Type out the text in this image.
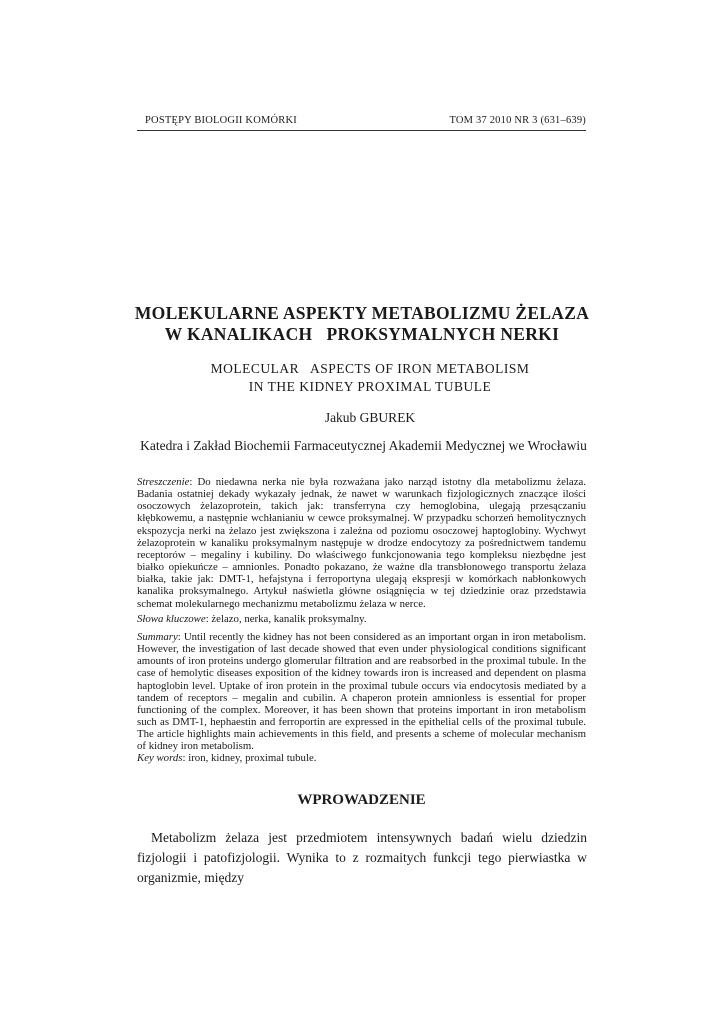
POSTĘPY BIOLOGII KOMÓRKI	TOM 37 2010 NR 3 (631–639)
MOLEKULARNE ASPEKTY METABOLIZMU ŻELAZA
W KANALIKACH   PROKSYMALNYCH NERKI
MOLECULAR   ASPECTS OF IRON METABOLISM
IN THE KIDNEY PROXIMAL TUBULE
Jakub GBUREK
Katedra i Zakład Biochemii Farmaceutycznej Akademii Medycznej we Wrocławiu
Streszczenie: Do niedawna nerka nie była rozważana jako narząd istotny dla metabolizmu żelaza. Badania ostatniej dekady wykazały jednak, że nawet w warunkach fizjologicznych znaczące ilości osoczowych żelazoprotein, takich jak: transferryna czy hemoglobina, ulegają przesączaniu kłębkowemu, a następnie wchłanianiu w cewce proksymalnej. W przypadku schorzeń hemolitycznych ekspozycja nerki na żelazo jest zwiększona i zależna od poziomu osoczowej haptoglobiny. Wychwyt żelazoprotein w kanaliku proksymalnym następuje w drodze endocytozy za pośrednictwem tandemu receptorów – megaliny i kubiliny. Do właściwego funkcjonowania tego kompleksu niezbędne jest białko opiekuńcze – amnionles. Ponadto pokazano, że ważne dla transbłonowego transportu żelaza białka, takie jak: DMT-1, hefajstyna i ferroportyna ulegają ekspresji w komórkach nabłonkowych kanalika proksymalnego. Artykuł naświetla główne osiągnięcia w tej dziedzinie oraz przedstawia schemat molekularnego mechanizmu metabolizmu żelaza w nerce.
Słowa kluczowe: żelazo, nerka, kanalik proksymalny.
Summary: Until recently the kidney has not been considered as an important organ in iron metabolism. However, the investigation of last decade showed that even under physiological conditions significant amounts of iron proteins undergo glomerular filtration and are reabsorbed in the proximal tubule. In the case of hemolytic diseases exposition of the kidney towards iron is increased and dependent on plasma haptoglobin level. Uptake of iron protein in the proximal tubule occurs via endocytosis mediated by a tandem of receptors – megalin and cubilin. A chaperon protein amnionless is essential for proper functioning of the complex. Moreover, it has been shown that proteins important in iron metabolism such as DMT-1, hephaestin and ferroportin are expressed in the epithelial cells of the proximal tubule. The article highlights main achievements in this field, and presents a scheme of molecular mechanism of kidney iron metabolism.
Key words: iron, kidney, proximal tubule.
WPROWADZENIE
Metabolizm żelaza jest przedmiotem intensywnych badań wielu dziedzin fizjologii i patofizjologii. Wynika to z rozmaitych funkcji tego pierwiastka w organizmie, między
